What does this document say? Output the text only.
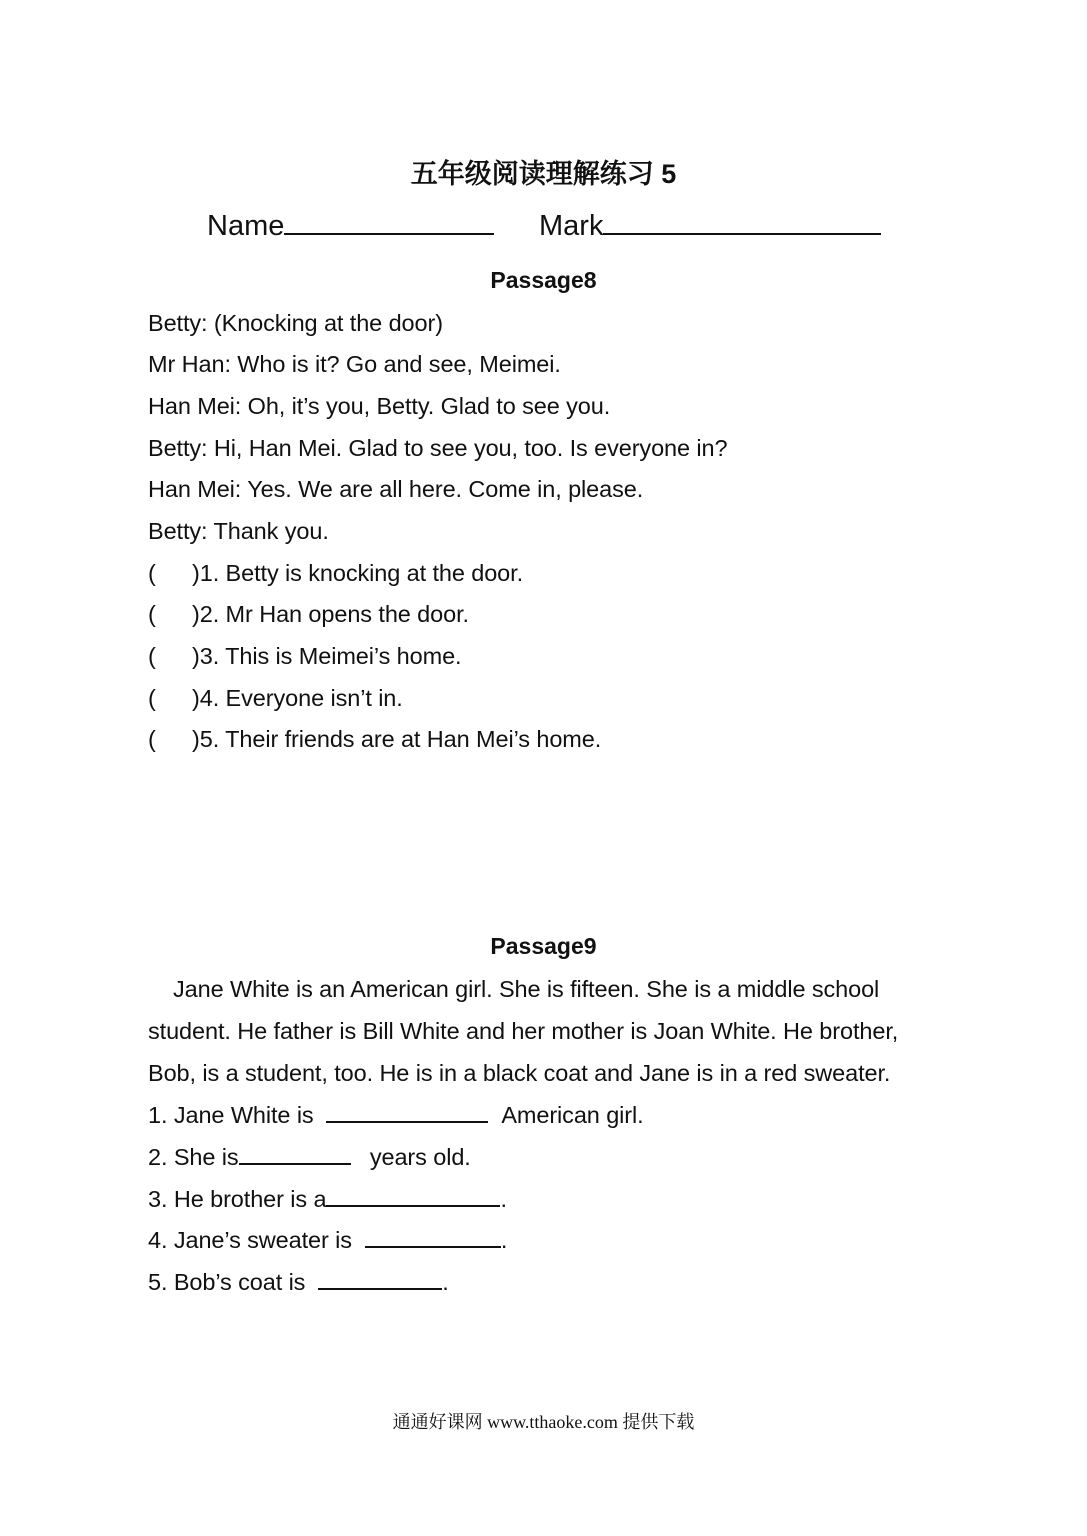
五年级阅读理解练习 5
Name	Mark
Passage8
Betty: (Knocking at the door)
Mr Han: Who is it? Go and see, Meimei.
Han Mei: Oh, it’s you, Betty. Glad to see you.
Betty: Hi, Han Mei. Glad to see you, too. Is everyone in?
Han Mei: Yes. We are all here. Come in, please.
Betty: Thank you.
( )1. Betty is knocking at the door.
( )2. Mr Han opens the door.
( )3. This is Meimei’s home.
( )4. Everyone isn’t in.
( )5. Their friends are at Han Mei’s home.
Passage9
Jane White is an American girl. She is fifteen. She is a middle school
student. He father is Bill White and her mother is Joan White. He brother,
Bob, is a student, too. He is in a black coat and Jane is in a red sweater.
1. Jane White is	American girl.
2. She is	years old.
3. He brother is a	.
4. Jane’s sweater is	.
5. Bob’s coat is	.
通通好课网 www.tthaoke.com 提供下载
